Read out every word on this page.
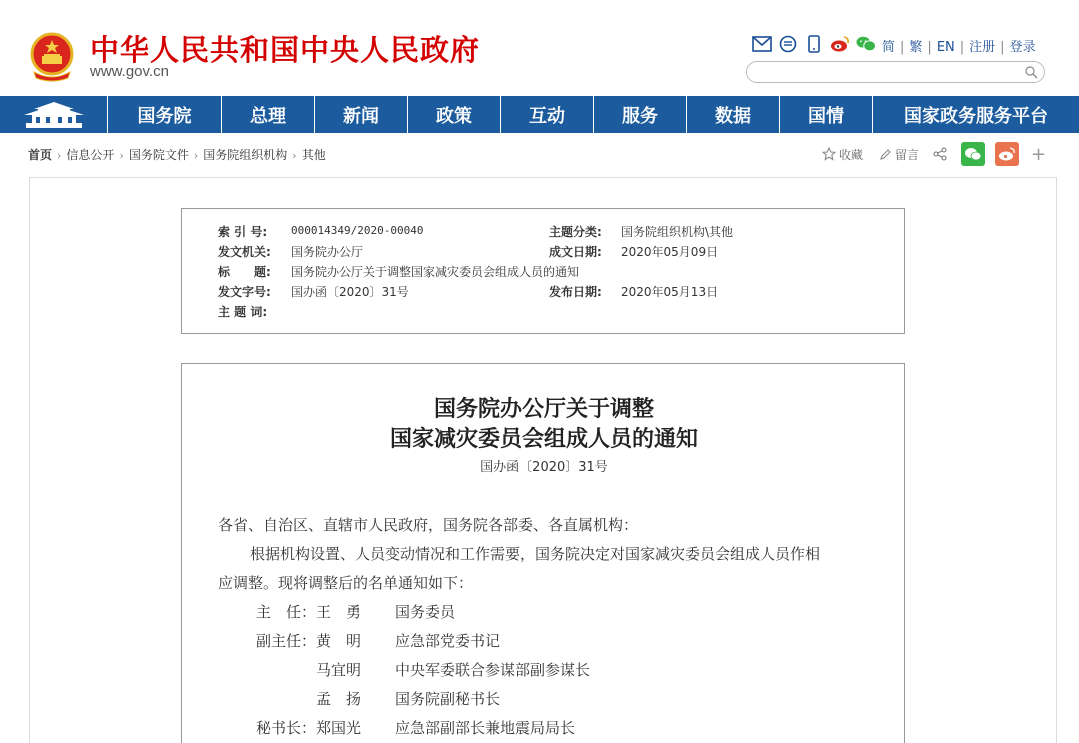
中华人民共和国中央人民政府
www.gov.cn
简 | 繁 | EN | 注册 | 登录
国务院	总理	新闻	政策	互动	服务	数据	国情	国家政务服务平台
首页 › 信息公开 › 国务院文件 › 国务院组织机构 › 其他	收藏	留言	+
索 引 号: 000014349/2020-00040	主题分类: 国务院组织机构\其他
发文机关: 国务院办公厅	成文日期: 2020年05月09日
标　　题: 国务院办公厅关于调整国家减灾委员会组成人员的通知
发文字号: 国办函〔2020〕31号	发布日期: 2020年05月13日
主 题 词:
国务院办公厅关于调整
国家减灾委员会组成人员的通知
国办函〔2020〕31号
各省、自治区、直辖市人民政府，国务院各部委、各直属机构：
根据机构设置、人员变动情况和工作需要，国务院决定对国家减灾委员会组成人员作相
应调整。现将调整后的名单通知如下：
主　任： 王　勇	国务委员
副主任： 黄　明	应急部党委书记
马宜明	中央军委联合参谋部副参谋长
孟　扬	国务院副秘书长
秘书长： 郑国光	应急部副部长兼地震局局长
